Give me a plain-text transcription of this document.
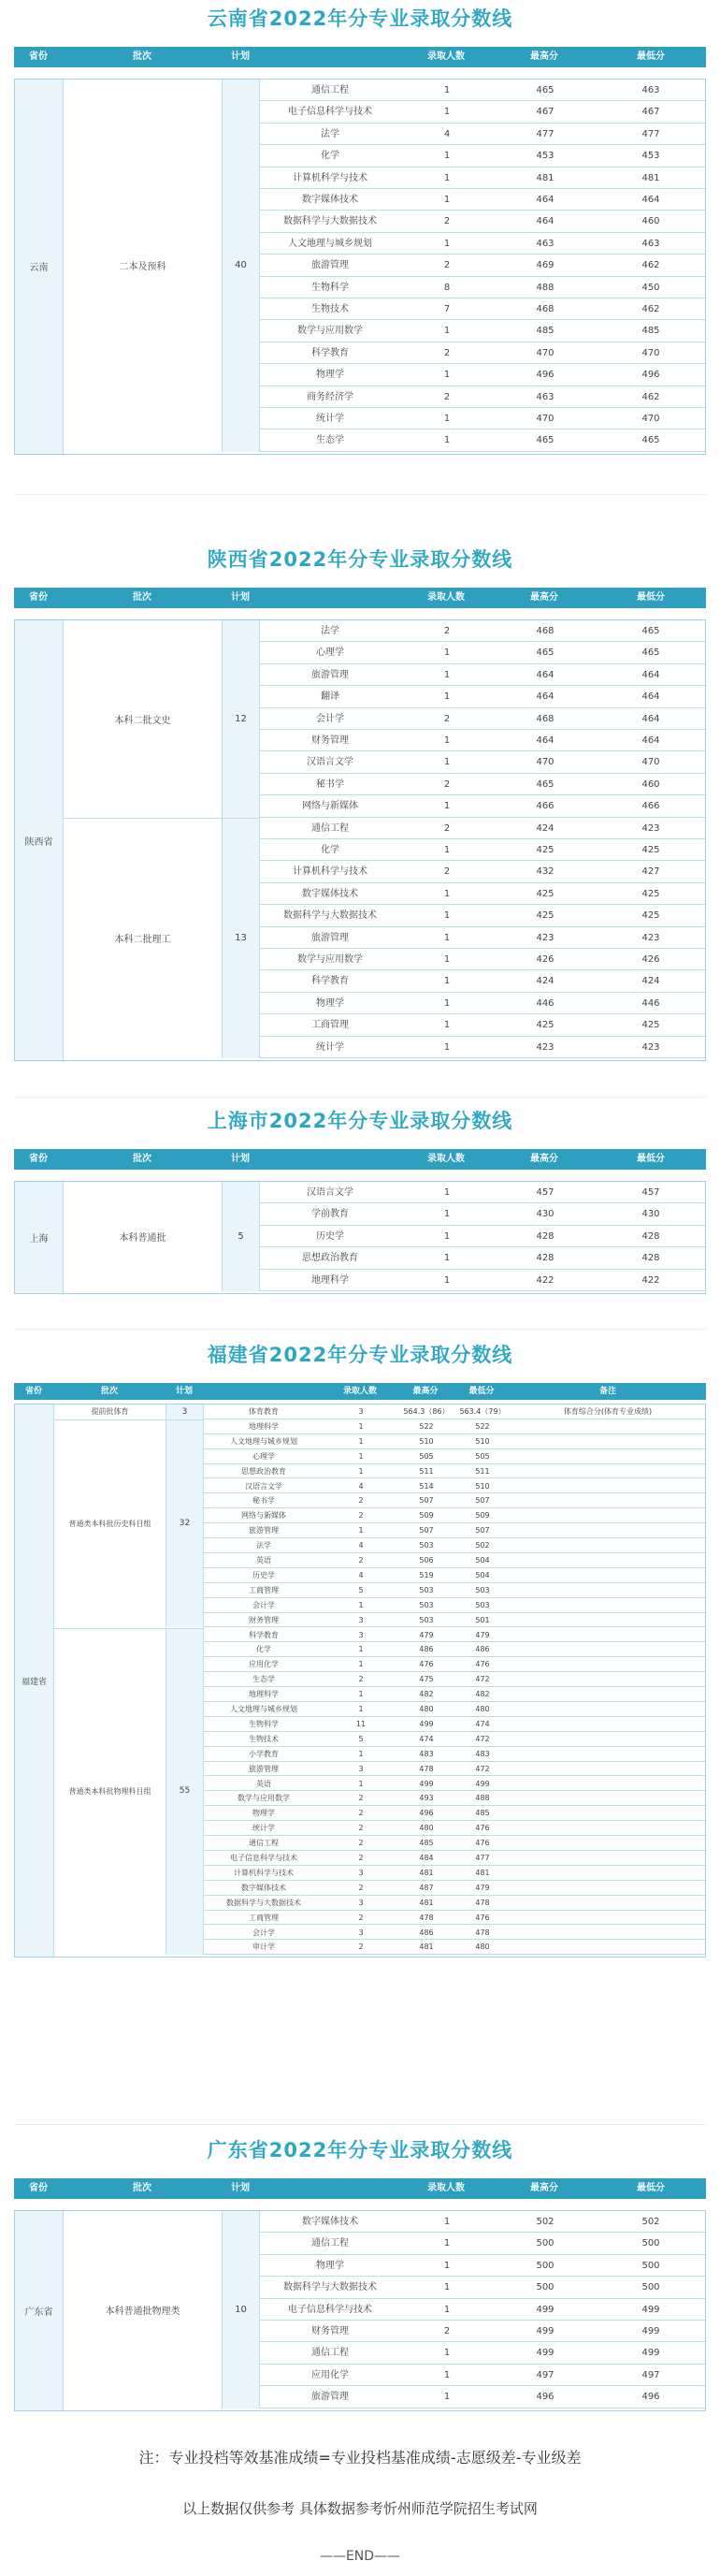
云南省2022年分专业录取分数线
省份	批次	计划	录取人数	最高分	最低分
云南	二本及预科	40
通信工程	1	465	463
电子信息科学与技术	1	467	467
法学	4	477	477
化学	1	453	453
计算机科学与技术	1	481	481
数字媒体技术	1	464	464
数据科学与大数据技术	2	464	460
人文地理与城乡规划	1	463	463
旅游管理	2	469	462
生物科学	8	488	450
生物技术	7	468	462
数学与应用数学	1	485	485
科学教育	2	470	470
物理学	1	496	496
商务经济学	2	463	462
统计学	1	470	470
生态学	1	465	465
陕西省2022年分专业录取分数线
省份	批次	计划	录取人数	最高分	最低分
陕西省
本科二批文史	12
法学	2	468	465
心理学	1	465	465
旅游管理	1	464	464
翻译	1	464	464
会计学	2	468	464
财务管理	1	464	464
汉语言文学	1	470	470
秘书学	2	465	460
网络与新媒体	1	466	466
本科二批理工	13
通信工程	2	424	423
化学	1	425	425
计算机科学与技术	2	432	427
数字媒体技术	1	425	425
数据科学与大数据技术	1	425	425
旅游管理	1	423	423
数学与应用数学	1	426	426
科学教育	1	424	424
物理学	1	446	446
工商管理	1	425	425
统计学	1	423	423
上海市2022年分专业录取分数线
省份	批次	计划	录取人数	最高分	最低分
上海	本科普通批	5
汉语言文学	1	457	457
学前教育	1	430	430
历史学	1	428	428
思想政治教育	1	428	428
地理科学	1	422	422
福建省2022年分专业录取分数线
省份	批次	计划	录取人数	最高分	最低分	备注
福建省
提前批体育	3	体育教育	3	564.3（86）	563.4（79）	体育综合分(体育专业成绩)
普通类本科批历史科目组	32
地理科学	1	522	522
人文地理与城乡规划	1	510	510
心理学	1	505	505
思想政治教育	1	511	511
汉语言文学	4	514	510
秘书学	2	507	507
网络与新媒体	2	509	509
旅游管理	1	507	507
法学	4	503	502
英语	2	506	504
历史学	4	519	504
工商管理	5	503	503
会计学	1	503	503
财务管理	3	503	501
普通类本科批物理科目组	55
科学教育	3	479	479
化学	1	486	486
应用化学	1	476	476
生态学	2	475	472
地理科学	1	482	482
人文地理与城乡规划	1	480	480
生物科学	11	499	474
生物技术	5	474	472
小学教育	1	483	483
旅游管理	3	478	472
英语	1	499	499
数学与应用数学	2	493	488
物理学	2	496	485
统计学	2	480	476
通信工程	2	485	476
电子信息科学与技术	2	484	477
计算机科学与技术	3	481	481
数字媒体技术	2	487	479
数据科学与大数据技术	3	481	478
工商管理	2	478	476
会计学	3	486	478
审计学	2	481	480
广东省2022年分专业录取分数线
省份	批次	计划	录取人数	最高分	最低分
广东省	本科普通批物理类	10
数字媒体技术	1	502	502
通信工程	1	500	500
物理学	1	500	500
数据科学与大数据技术	1	500	500
电子信息科学与技术	1	499	499
财务管理	2	499	499
通信工程	1	499	499
应用化学	1	497	497
旅游管理	1	496	496
注：专业投档等效基准成绩=专业投档基准成绩-志愿级差-专业级差
以上数据仅供参考 具体数据参考忻州师范学院招生考试网
——END——
